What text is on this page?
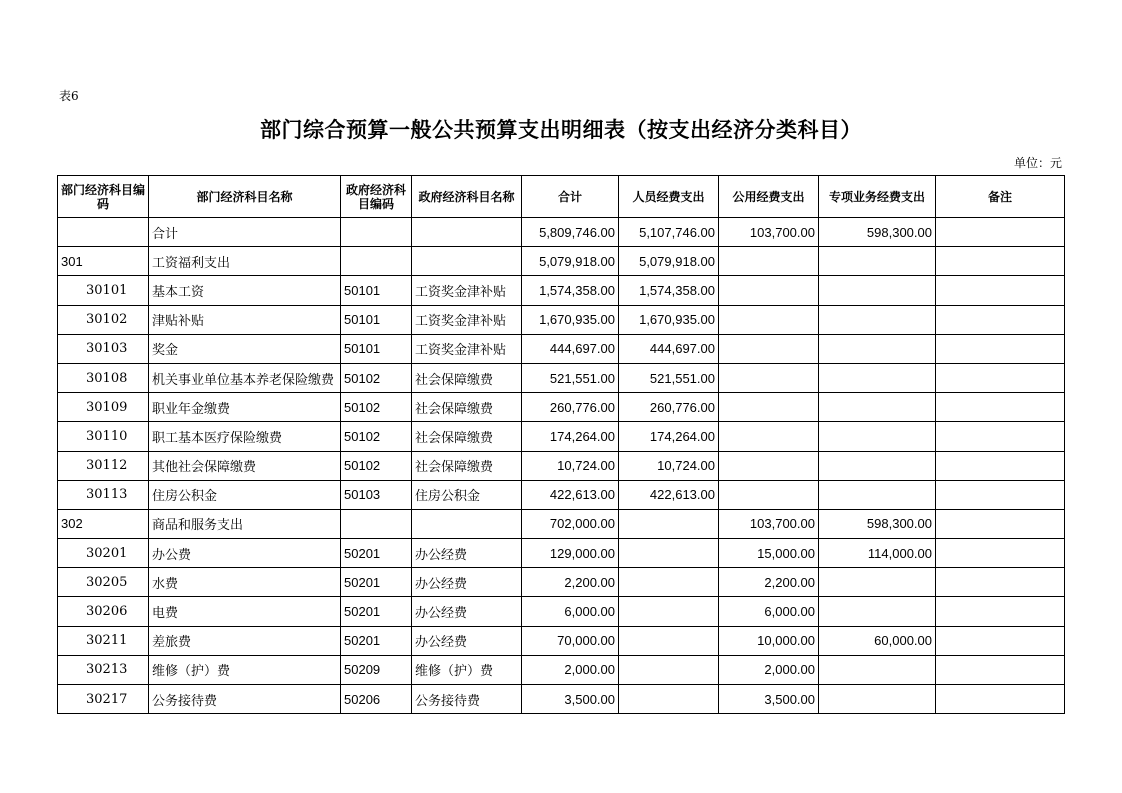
表6
部门综合预算一般公共预算支出明细表（按支出经济分类科目）
单位：元
部门经济科目编码	部门经济科目名称	政府经济科目编码	政府经济科目名称	合计	人员经费支出	公用经费支出	专项业务经费支出	备注
	合计			5,809,746.00	5,107,746.00	103,700.00	598,300.00	
301	工资福利支出			5,079,918.00	5,079,918.00			
30101	基本工资	50101	工资奖金津补贴	1,574,358.00	1,574,358.00			
30102	津贴补贴	50101	工资奖金津补贴	1,670,935.00	1,670,935.00			
30103	奖金	50101	工资奖金津补贴	444,697.00	444,697.00			
30108	机关事业单位基本养老保险缴费	50102	社会保障缴费	521,551.00	521,551.00			
30109	职业年金缴费	50102	社会保障缴费	260,776.00	260,776.00			
30110	职工基本医疗保险缴费	50102	社会保障缴费	174,264.00	174,264.00			
30112	其他社会保障缴费	50102	社会保障缴费	10,724.00	10,724.00			
30113	住房公积金	50103	住房公积金	422,613.00	422,613.00			
302	商品和服务支出			702,000.00		103,700.00	598,300.00	
30201	办公费	50201	办公经费	129,000.00		15,000.00	114,000.00	
30205	水费	50201	办公经费	2,200.00		2,200.00		
30206	电费	50201	办公经费	6,000.00		6,000.00		
30211	差旅费	50201	办公经费	70,000.00		10,000.00	60,000.00	
30213	维修（护）费	50209	维修（护）费	2,000.00		2,000.00		
30217	公务接待费	50206	公务接待费	3,500.00		3,500.00		
